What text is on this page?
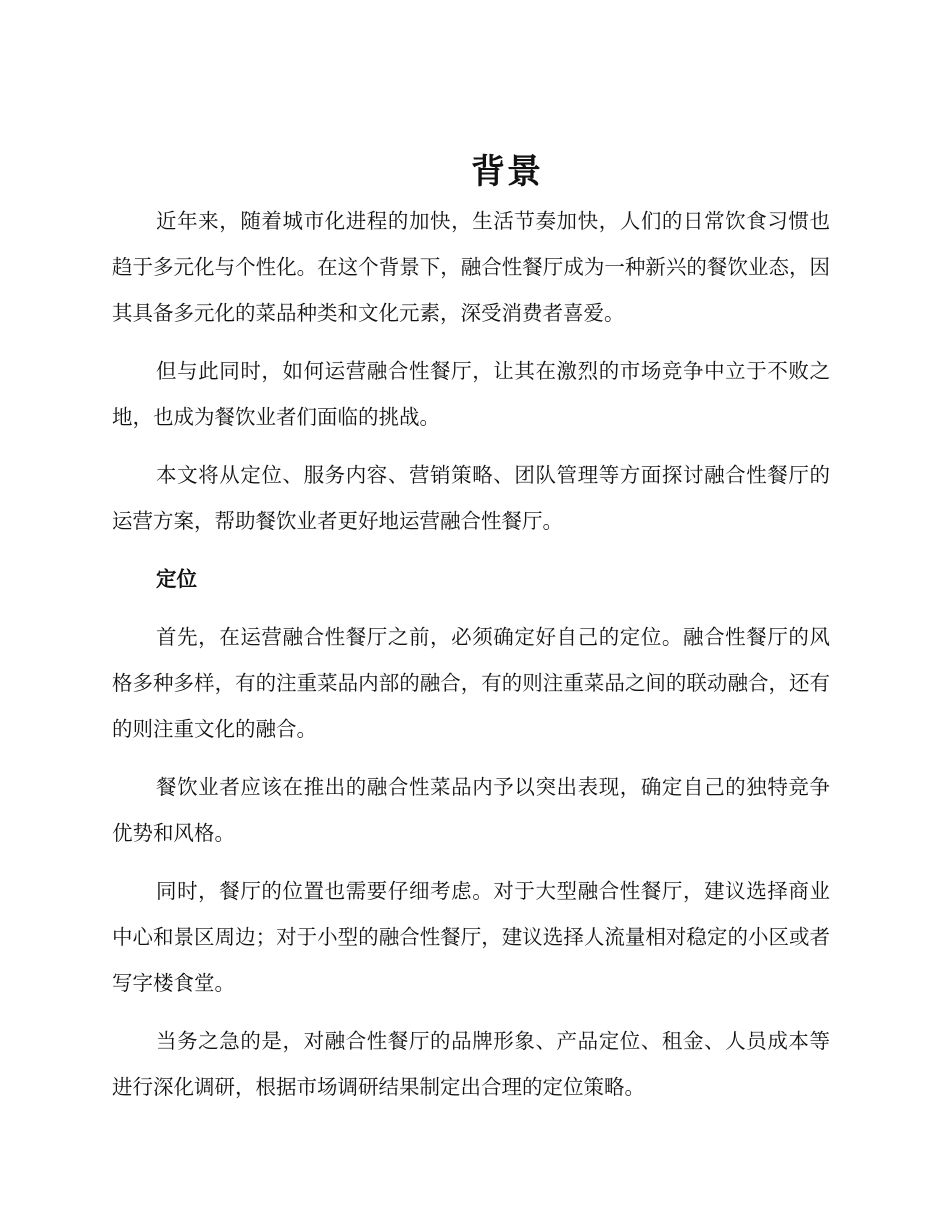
背景

近年来，随着城市化进程的加快，生活节奏加快，人们的日常饮食习惯也趋于多元化与个性化。在这个背景下，融合性餐厅成为一种新兴的餐饮业态，因其具备多元化的菜品种类和文化元素，深受消费者喜爱。

但与此同时，如何运营融合性餐厅，让其在激烈的市场竞争中立于不败之地，也成为餐饮业者们面临的挑战。

本文将从定位、服务内容、营销策略、团队管理等方面探讨融合性餐厅的运营方案，帮助餐饮业者更好地运营融合性餐厅。

定位

首先，在运营融合性餐厅之前，必须确定好自己的定位。融合性餐厅的风格多种多样，有的注重菜品内部的融合，有的则注重菜品之间的联动融合，还有的则注重文化的融合。

餐饮业者应该在推出的融合性菜品内予以突出表现，确定自己的独特竞争优势和风格。

同时，餐厅的位置也需要仔细考虑。对于大型融合性餐厅，建议选择商业中心和景区周边；对于小型的融合性餐厅，建议选择人流量相对稳定的小区或者写字楼食堂。

当务之急的是，对融合性餐厅的品牌形象、产品定位、租金、人员成本等进行深化调研，根据市场调研结果制定出合理的定位策略。
